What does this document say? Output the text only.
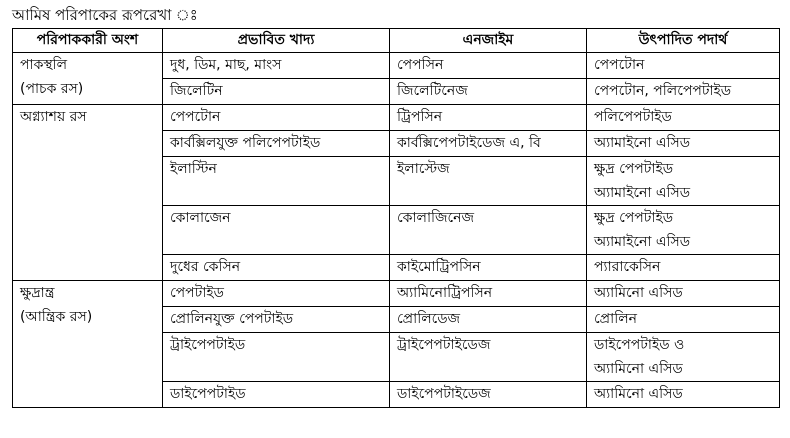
আমিষ পরিপাকের রূপরেখা ঃ
পরিপাককারী অংশ	প্রভাবিত খাদ্য	এনজাইম	উৎপাদিত পদার্থ

পাকস্থলি
(পাচক রস)	দুধ, ডিম, মাছ, মাংস	পেপসিন	পেপটোন

	জিলেটিন	জিলেটিনেজ	পেপটোন, পলিপেপটাইড

অগ্ন্যাশয় রস	পেপটোন	ট্রিপসিন	পলিপেপটাইড

	কার্বক্সিলযুক্ত পলিপেপটাইড	কার্বক্সিপেপটাইডেজ এ, বি	অ্যামাইনো এসিড

	ইলাস্টিন	ইলাস্টেজ	ক্ষুদ্র পেপটাইড
অ্যামাইনো এসিড

	কোলাজেন	কোলাজিনেজ	ক্ষুদ্র পেপটাইড
অ্যামাইনো এসিড

	দুধের কেসিন	কাইমোট্রিপসিন	প্যারাকেসিন

ক্ষুদ্রান্ত্র
(আন্ত্রিক রস)	পেপটাইড	অ্যামিনোট্রিপসিন	অ্যামিনো এসিড

	প্রোলিনযুক্ত পেপটাইড	প্রোলিডেজ	প্রোলিন

	ট্রাইপেপটাইড	ট্রাইপেপটাইডেজ	ডাইপেপটাইড ও
অ্যামিনো এসিড

	ডাইপেপটাইড	ডাইপেপটাইডেজ	অ্যামিনো এসিড
